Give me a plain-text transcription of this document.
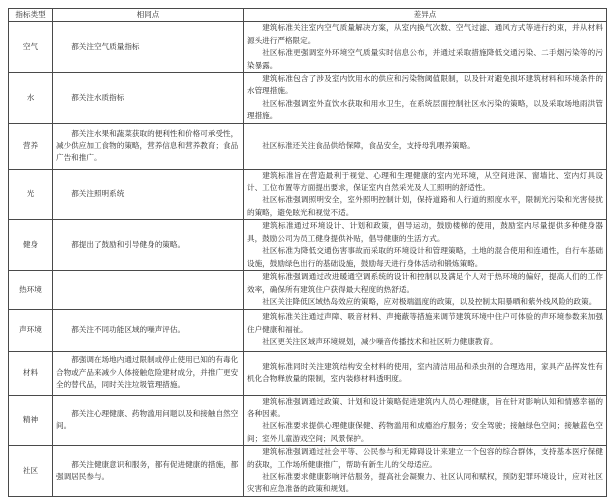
指标类型	相同点	差异点
空气	都关注空气质量指标	建筑标准关注室内空气质量解决方案，从室内换气次数、空气过滤、通风方式等进行约束，并从材料源头进行严格限定。

社区标准更强调室外环境空气质量实时信息公布，并通过采取措施降低交通污染、二手烟污染等的污染暴露。

水	都关注水质指标	建筑标准包含了涉及室内饮用水的供应和污染物阈值限制，以及针对避免损坏建筑材料和环境条件的水管理措施。

社区标准强调室外直饮水获取和用水卫生，在系统层面控制社区水污染的策略，以及采取场地雨洪管理措施。

营养	都关注水果和蔬菜获取的便利性和价格可承受性，减少供应加工食物的策略，营养信息和营养教育；食品广告和推广。	社区标准还关注食品供给保障，食品安全，支持母乳喂养策略。

光	都关注照明系统	建筑标准旨在营造最利于视觉、心理和生理健康的室内光环境，从空间进深、窗墙比、室内灯具设计、工位布置等方面提出要求，保证室内自然采光及人工照明的舒适性。

社区标准强调照明安全，室外照明控制计划，保持道路和人行道的照度水平，限制光污染和光害侵扰的策略，避免眩光和视觉不适。

健身	都提出了鼓励和引导健身的策略。	建筑标准通过环境设计、计划和政策，倡导运动，鼓励楼梯的使用，鼓励室内尽量提供多种健身器具，鼓励公司为员工健身提供补贴，倡导健康的生活方式。

社区标准为降低交通伤害事故而采取的环境设计和管理策略，土地的混合使用和连通性，自行车基础设施，鼓励绿色出行的基础设施，鼓励每天进行身体活动和锻炼策略。

热环境		建筑标准强调通过改进暖通空调系统的设计和控制以及满足个人对于热环境的偏好，提高人们的工作效率，确保所有建筑住户获得最大程度的热舒适。

社区关注降低区域热岛效应的策略，应对极端温度的政策，以及控制太阳暴晒和紫外线风险的政策。

声环境	都关注不同功能区域的噪声评估。	建筑标准关注通过声障、吸音材料、声掩蔽等措施来调节建筑环境中住户可体验的声环境参数来加强住户健康和福祉。

社区更关注区域声环境规划，减少噪音传播技术和社区听力健康教育。

材料	都强调在场地内通过限制或停止使用已知的有毒化合物或产品来减少人体接触危险建材成分，并推广更安全的替代品，同时关注垃圾管理措施。	建筑标准同时关注建筑结构安全材料的使用，室内清洁用品和杀虫剂的合理选用，家具产品挥发性有机化合物释放量的限制，室内装修材料透明度。

精神	都关注心理健康、药物滥用问题以及和接触自然空间。	建筑标准强调通过政策、计划和设计策略促进建筑内人员心理健康，旨在针对影响认知和情感幸福的各种因素。

社区标准要求提供心理健康保健、药物滥用和成瘾治疗服务；安全驾驶；接触绿色空间；接触蓝色空间；室外儿童游戏空间；风景保护。

社区	都关注健康意识和服务，都有促进健康的措施，都强调居民参与。	建筑标准强调通过社会平等、公民参与和无障碍设计来建立一个包容的综合群体，支持基本医疗保健的获取，工作场所健康推广，帮助有新生儿的父母适应。

社区标准要求健康影响评估服务，提高社会凝聚力、社区认同和赋权，预防犯罪环境设计，应对社区灾害和应急准备的政策和规划。
